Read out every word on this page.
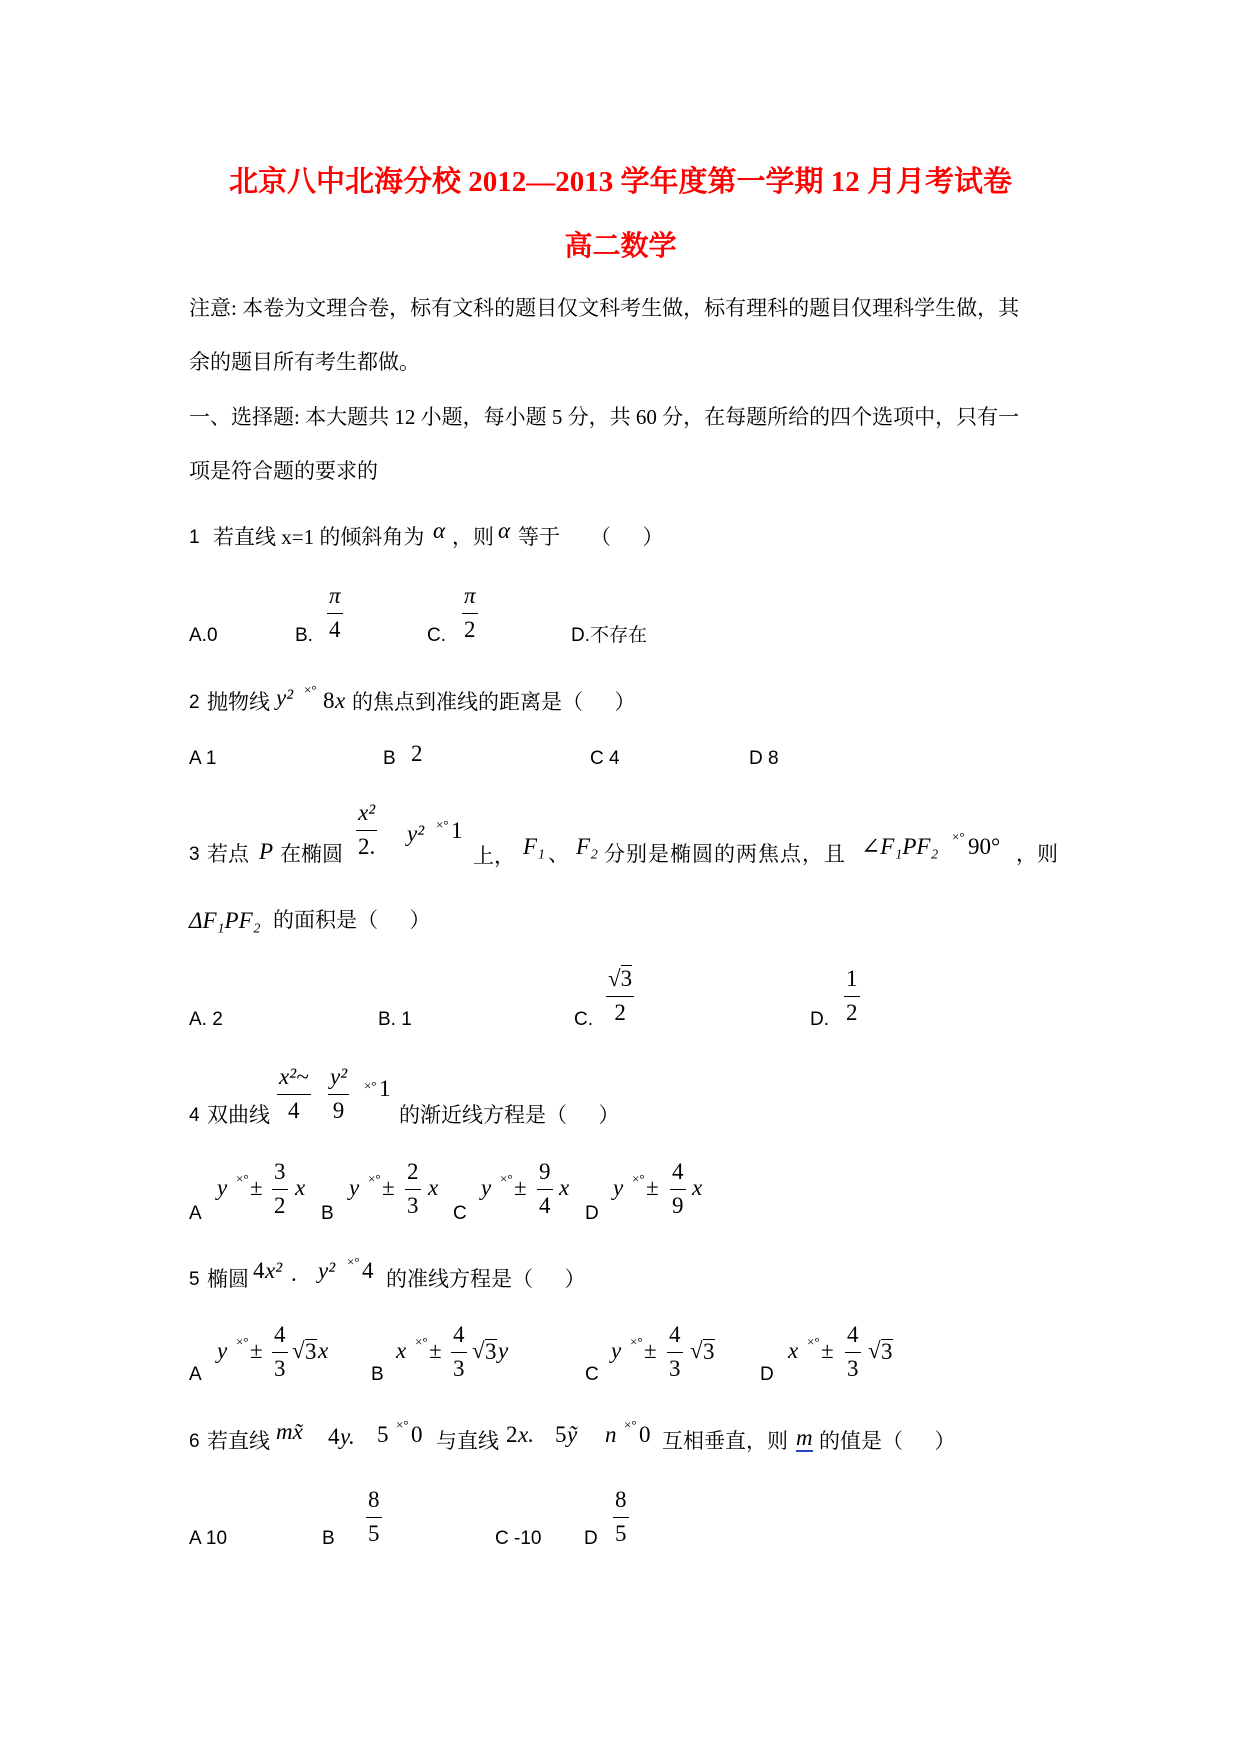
北京八中北海分校 2012—2013 学年度第一学期 12 月月考试卷
高二数学
注意: 本卷为文理合卷，标有文科的题目仅文科考生做，标有理科的题目仅理科学生做，其
余的题目所有考生都做。
一、选择题: 本大题共 12 小题，每小题 5 分，共 60 分，在每题所给的四个选项中，只有一
项是符合题的要求的
1 若直线 x=1 的倾斜角为 α ，则 α 等于 （      ）
A.0	B.
π
4	C.
π
2	D.不存在
2 抛物线 y² ×° 8 x 的焦点到准线的距离是（      ）
A 1	B 2	C 4	D 8
3 若点 P 在椭圆
x²
2.
y² ×° 1
上， F₁ 、 F₂ 分别是椭圆的两焦点，且 ∠F₁PF₂ ×° 90° ，则
ΔF₁PF₂ 的面积是（      ）
A. 2	B. 1	C.
√3
2	D.
1
2
4 双曲线
x²~
4
y²
9
×° 1
的渐近线方程是（      ）
A
y ×° ±
3
2
x
B
y ×° ±
2
3
x
C
y ×° ±
9
4
x
D
y ×° ±
4
9
x
5 椭圆 4 x² . y² ×° 4 的准线方程是（      ）
A
y ×° ±
4
3
√ 3 x
B
x ×° ±
4
3
√ 3 y
C
y ×° ±
4
3
√ 3
D
x ×° ±
4
3
√ 3
6 若直线 mx̃ 4 y. 5 ×° 0 与直线 2 x. 5 ỹ n ×° 0 互相垂直，则 m 的值是（      ）
A 10	B
8
5	C -10 D
8
5
